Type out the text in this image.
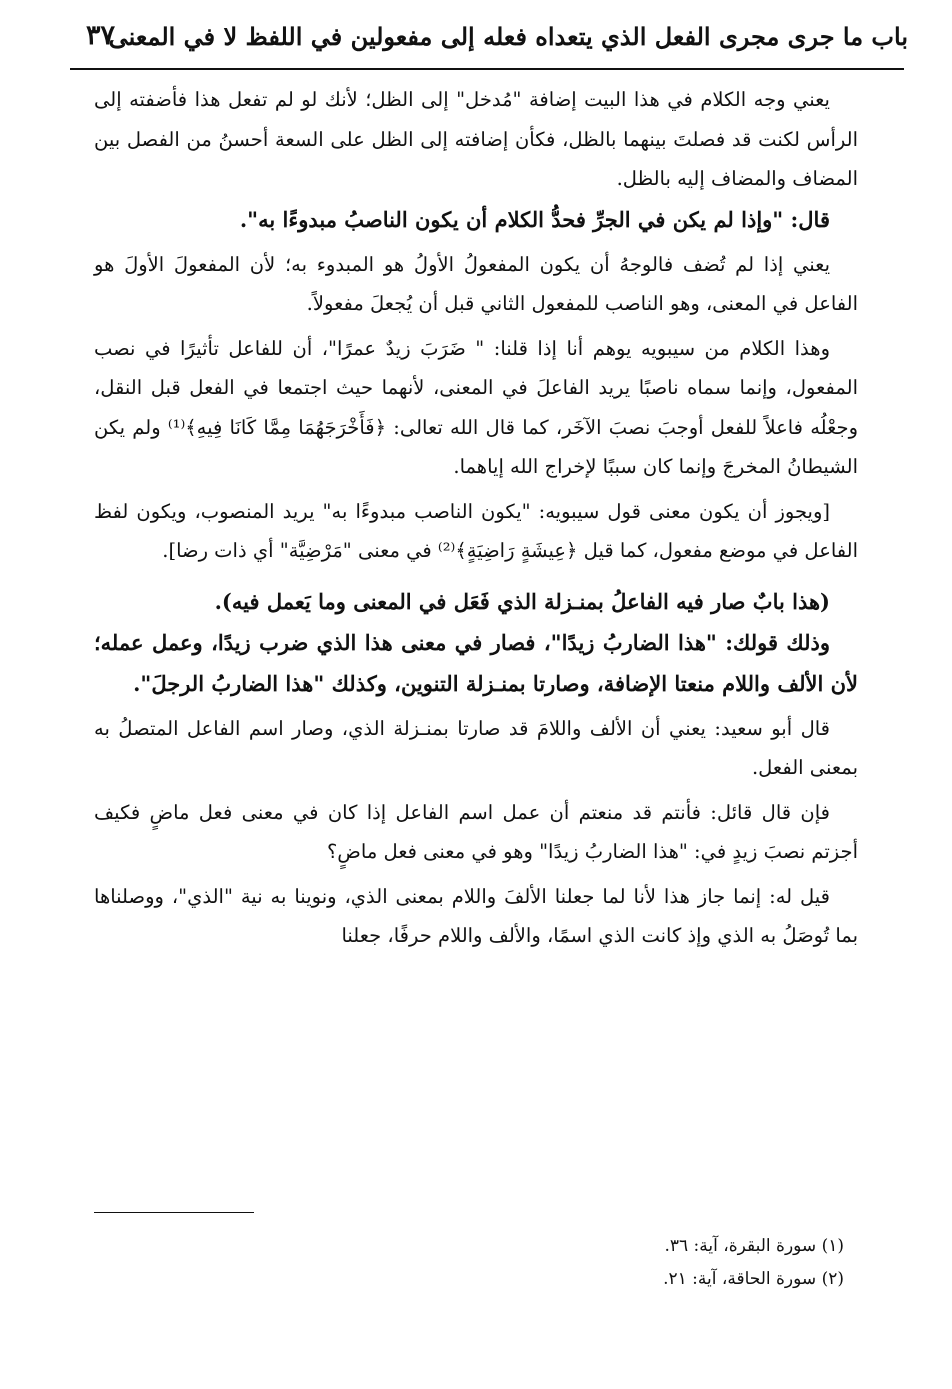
باب ما جرى مجرى الفعل الذي يتعداه فعله إلى مفعولين في اللفظ لا في المعنى
٣٧

يعني وجه الكلام في هذا البيت إضافة "مُدخل" إلى الظل؛ لأنك لو لم تفعل هذا فأضفته إلى الرأس لكنت قد فصلتَ بينهما بالظل، فكأن إضافته إلى الظل على السعة أحسنُ من الفصل بين المضاف والمضاف إليه بالظل.

قال: "وإذا لم يكن في الجرِّ فحدُّ الكلام أن يكون الناصبُ مبدوءًا به".

يعني إذا لم تُضف فالوجهُ أن يكون المفعولُ الأولُ هو المبدوء به؛ لأن المفعولَ الأولَ هو الفاعل في المعنى، وهو الناصب للمفعول الثاني قبل أن يُجعلَ مفعولاً.

وهذا الكلام من سيبويه يوهم أنا إذا قلنا: " ضَرَبَ زيدٌ عمرًا"، أن للفاعل تأثيرًا في نصب المفعول، وإنما سماه ناصبًا يريد الفاعلَ في المعنى، لأنهما حيث اجتمعا في الفعل قبل النقل، وجعْلُه فاعلاً للفعل أوجبَ نصبَ الآخَر، كما قال الله تعالى: ﴿فَأَخْرَجَهُمَا مِمَّا كَانَا فِيهِ﴾⁽¹⁾ ولم يكن الشيطانُ المخرجَ وإنما كان سببًا لإخراج الله إياهما.

[ويجوز أن يكون معنى قول سيبويه: "يكون الناصب مبدوءًا به" يريد المنصوب، ويكون لفظ الفاعل في موضع مفعول، كما قيل ﴿عِيشَةٍ رَاضِيَةٍ﴾⁽²⁾ في معنى "مَرْضِيَّة" أي ذات رضا].

(هذا بابٌ صار فيه الفاعلُ بمنـزلة الذي فَعَل في المعنى وما يَعمل فيه).

وذلك قولك: "هذا الضاربُ زيدًا"، فصار في معنى هذا الذي ضرب زيدًا، وعمل عمله؛ لأن الألف واللام منعتا الإضافة، وصارتا بمنـزلة التنوين، وكذلك "هذا الضاربُ الرجلَ".

قال أبو سعيد: يعني أن الألف واللامَ قد صارتا بمنـزلة الذي، وصار اسم الفاعل المتصلُ به بمعنى الفعل.

فإن قال قائل: فأنتم قد منعتم أن عمل اسم الفاعل إذا كان في معنى فعل ماضٍ فكيف أجزتم نصبَ زيدٍ في: "هذا الضاربُ زيدًا" وهو في معنى فعل ماضٍ؟

قيل له: إنما جاز هذا لأنا لما جعلنا الألفَ واللام بمعنى الذي، ونوينا به نية "الذي"، ووصلناها بما تُوصَلُ به الذي وإذ كانت الذي اسمًا، والألف واللام حرفًا، جعلنا

(١) سورة البقرة، آية: ٣٦.

(٢) سورة الحاقة، آية: ٢١.
